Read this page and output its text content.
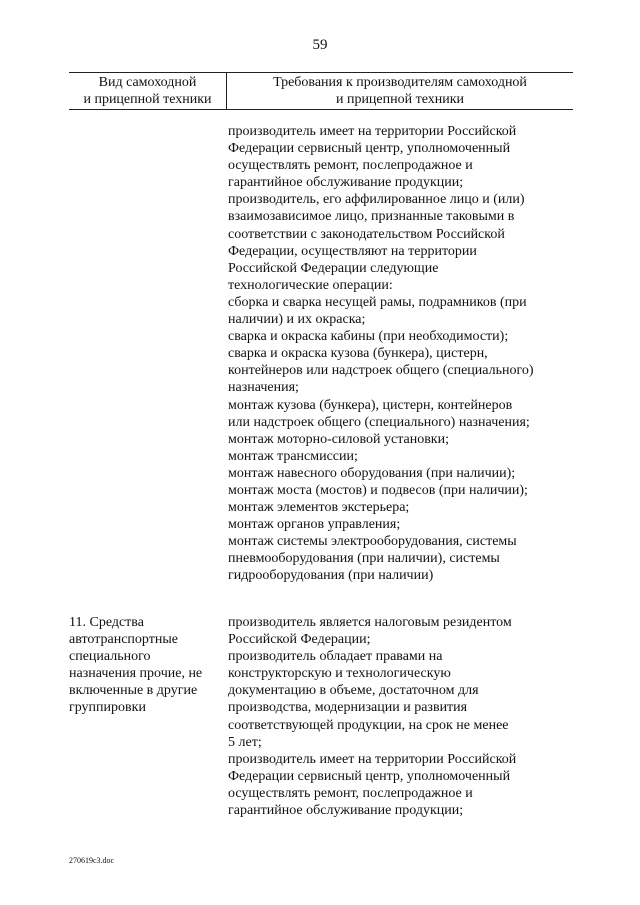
59
Вид самоходной
и прицепной техники
Требования к производителям самоходной
и прицепной техники
производитель имеет на территории Российской
Федерации сервисный центр, уполномоченный
осуществлять ремонт, послепродажное и
гарантийное обслуживание продукции;
производитель, его аффилированное лицо и (или)
взаимозависимое лицо, признанные таковыми в
соответствии с законодательством Российской
Федерации, осуществляют на территории
Российской Федерации следующие
технологические операции:
сборка и сварка несущей рамы, подрамников (при
наличии) и их окраска;
сварка и окраска кабины (при необходимости);
сварка и окраска кузова (бункера), цистерн,
контейнеров или надстроек общего (специального)
назначения;
монтаж кузова (бункера), цистерн, контейнеров
или надстроек общего (специального) назначения;
монтаж моторно-силовой установки;
монтаж трансмиссии;
монтаж навесного оборудования (при наличии);
монтаж моста (мостов) и подвесов (при наличии);
монтаж элементов экстерьера;
монтаж органов управления;
монтаж системы электрооборудования, системы
пневмооборудования (при наличии), системы
гидрооборудования (при наличии)
11. Средства
автотранспортные
специального
назначения прочие, не
включенные в другие
группировки
производитель является налоговым резидентом
Российской Федерации;
производитель обладает правами на
конструкторскую и технологическую
документацию в объеме, достаточном для
производства, модернизации и развития
соответствующей продукции, на срок не менее
5 лет;
производитель имеет на территории Российской
Федерации сервисный центр, уполномоченный
осуществлять ремонт, послепродажное и
гарантийное обслуживание продукции;
270619c3.doc
